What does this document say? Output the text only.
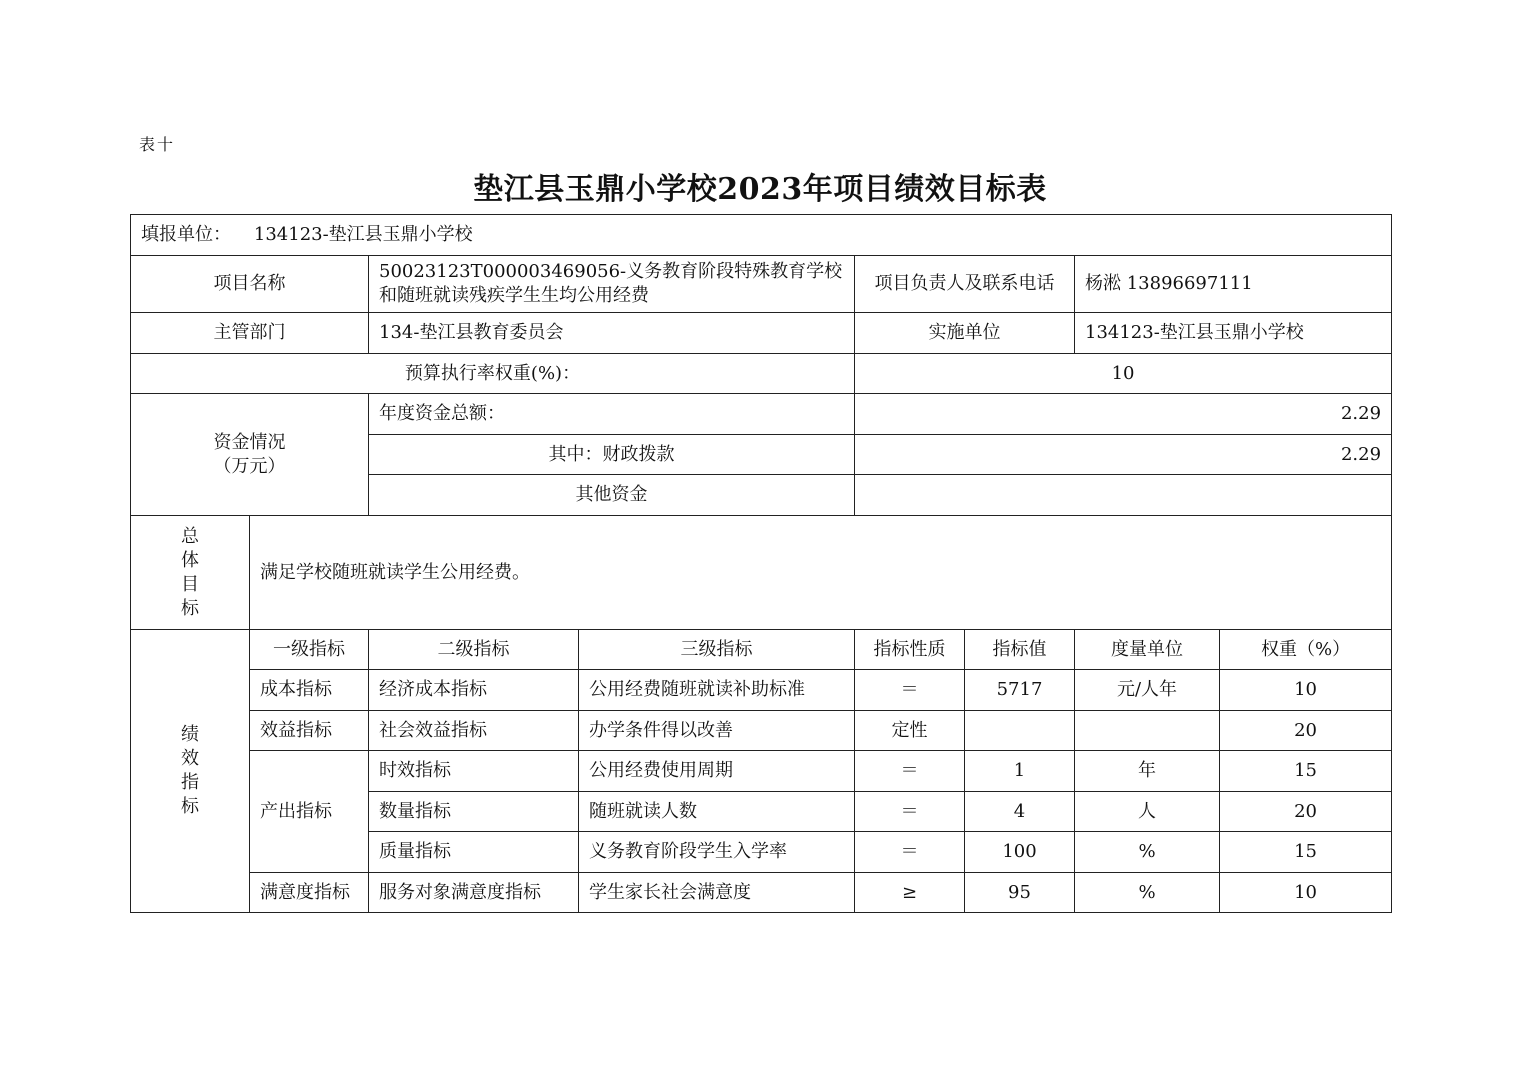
表十
垫江县玉鼎小学校2023年项目绩效目标表
填报单位： 134123-垫江县玉鼎小学校							
项目名称		50023123T000003469056-义务教育阶段特殊教育学校和随班就读残疾学生生均公用经费		项目负责人及联系电话		杨淞 13896697111	
主管部门		134-垫江县教育委员会		实施单位		134123-垫江县玉鼎小学校	
预算执行率权重(%)：				10			

资金情况
（万元）		年度资金总额：		2.29			
		其中：财政拨款		2.29			
		其他资金					

总
体
目
标	满足学校随班就读学生公用经费。						

绩
效
指
标	一级指标	二级指标	三级指标	指标性质	指标值	度量单位	权重（%）
	成本指标	经济成本指标	公用经费随班就读补助标准	＝	5717	元/人年	10
	效益指标	社会效益指标	办学条件得以改善	定性			20
	产出指标	时效指标	公用经费使用周期	＝	1	年	15
		数量指标	随班就读人数	＝	4	人	20
		质量指标	义务教育阶段学生入学率	＝	100	%	15
	满意度指标	服务对象满意度指标	学生家长社会满意度	≥	95	%	10
